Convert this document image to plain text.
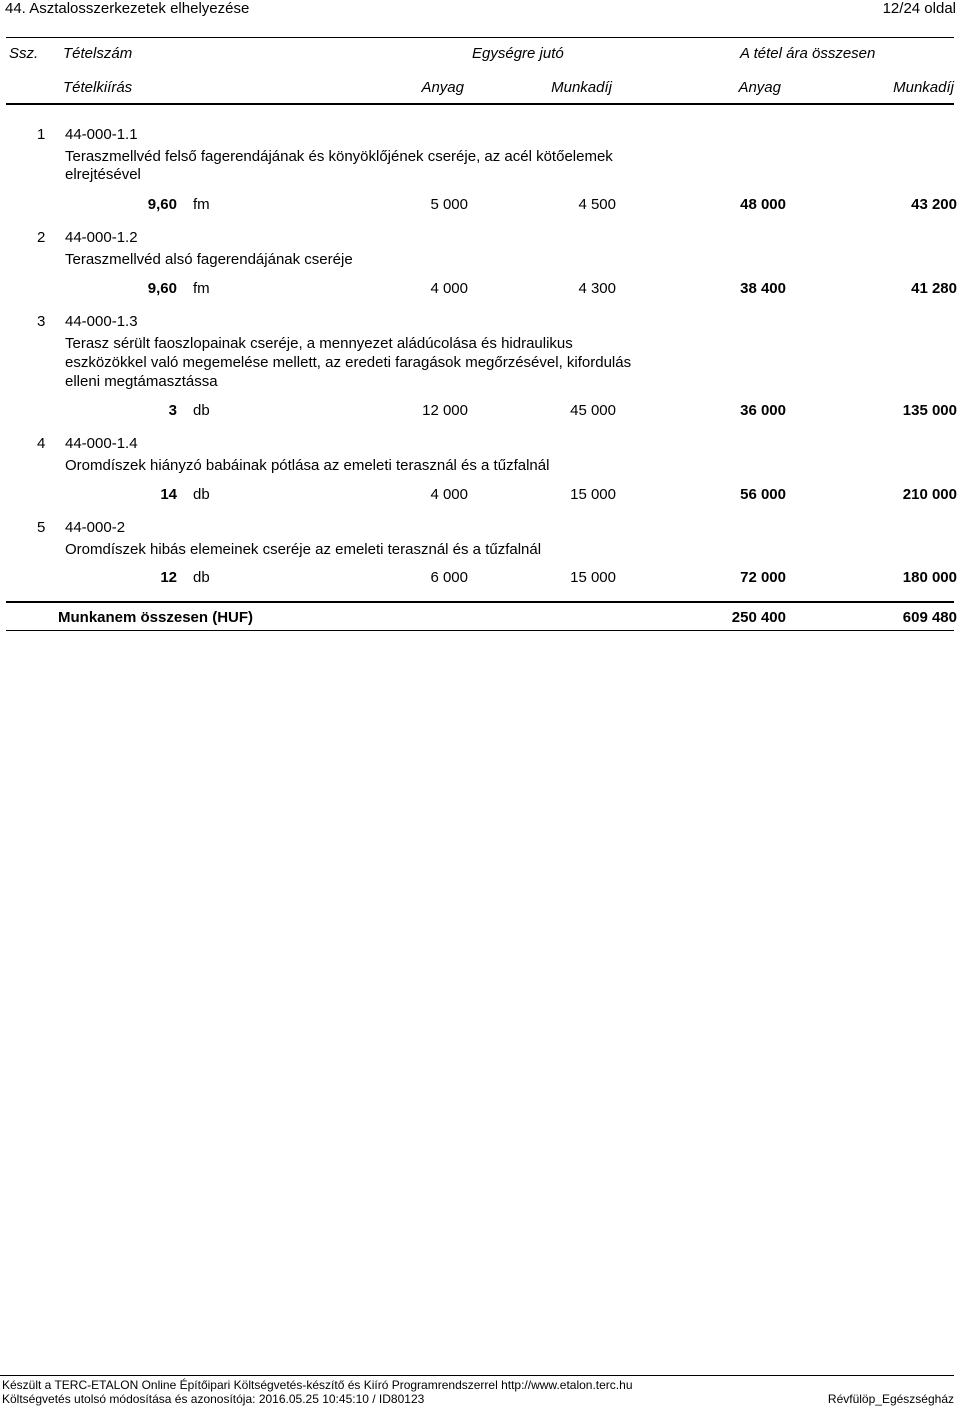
44. Asztalosszerkezetek elhelyezése	12/24 oldal
Ssz. Tételszám	Egységre jutó	A tétel ára összesen
Tételkiírás	Anyag	Munkadíj	Anyag	Munkadíj
1 44-000-1.1
Teraszmellvéd felső fagerendájának és könyöklőjének cseréje, az acél kötőelemek
elrejtésével
9,60 fm	5 000	4 500	48 000	43 200
2 44-000-1.2
Teraszmellvéd alsó fagerendájának cseréje
9,60 fm	4 000	4 300	38 400	41 280
3 44-000-1.3
Terasz sérült faoszlopainak cseréje, a mennyezet aládúcolása és hidraulikus
eszközökkel való megemelése mellett, az eredeti faragások megőrzésével, kifordulás
elleni megtámasztássa
3 db	12 000	45 000	36 000	135 000
4 44-000-1.4
Oromdíszek hiányzó babáinak pótlása az emeleti terasznál és a tűzfalnál
14 db	4 000	15 000	56 000	210 000
5 44-000-2
Oromdíszek hibás elemeinek cseréje az emeleti terasznál és a tűzfalnál
12 db	6 000	15 000	72 000	180 000
Munkanem összesen (HUF)	250 400	609 480
Készült a TERC-ETALON Online Építőipari Költségvetés-készítő és Kiíró Programrendszerrel http://www.etalon.terc.hu
Költségvetés utolsó módosítása és azonosítója: 2016.05.25 10:45:10 / ID80123	Révfülöp_Egészségház
